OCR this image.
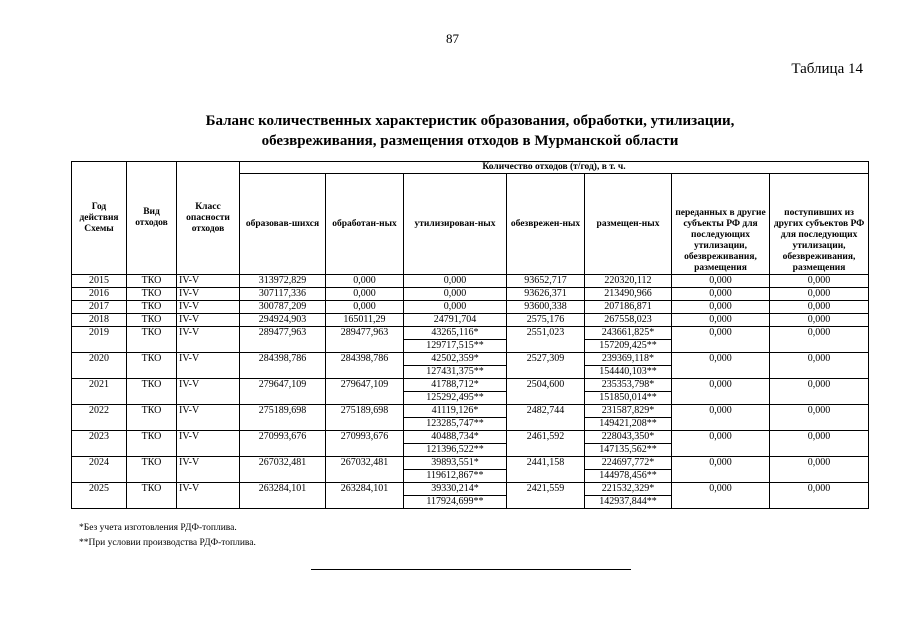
87
Таблица 14
Баланс количественных характеристик образования, обработки, утилизации,
обезвреживания, размещения отходов в Мурманской области
Год действия Схемы	Вид отходов	Класс опасности отходов	Количество отходов (т/год), в т. ч.						
			образовав-шихся	обработан-ных	утилизирован-ных	обезврежен-ных	размещен-ных	переданных в другие субъекты РФ для последующих утилизации, обезвреживания, размещения	поступивших из других субъектов РФ для последующих утилизации, обезвреживания, размещения
2015	ТКО	IV-V	313972,829	0,000	0,000	93652,717	220320,112	0,000	0,000
2016	ТКО	IV-V	307117,336	0,000	0,000	93626,371	213490,966	0,000	0,000
2017	ТКО	IV-V	300787,209	0,000	0,000	93600,338	207186,871	0,000	0,000
2018	ТКО	IV-V	294924,903	165011,29	24791,704	2575,176	267558,023	0,000	0,000
2019	ТКО	IV-V	289477,963	289477,963	43265,116*	2551,023	243661,825*	0,000	0,000
					129717,515**		157209,425**		
2020	ТКО	IV-V	284398,786	284398,786	42502,359*	2527,309	239369,118*	0,000	0,000
					127431,375**		154440,103**		
2021	ТКО	IV-V	279647,109	279647,109	41788,712*	2504,600	235353,798*	0,000	0,000
					125292,495**		151850,014**		
2022	ТКО	IV-V	275189,698	275189,698	41119,126*	2482,744	231587,829*	0,000	0,000
					123285,747**		149421,208**		
2023	ТКО	IV-V	270993,676	270993,676	40488,734*	2461,592	228043,350*	0,000	0,000
					121396,522**		147135,562**		
2024	ТКО	IV-V	267032,481	267032,481	39893,551*	2441,158	224697,772*	0,000	0,000
					119612,867**		144978,456**		
2025	ТКО	IV-V	263284,101	263284,101	39330,214*	2421,559	221532,329*	0,000	0,000
					117924,699**		142937,844**		
*Без учета изготовления РДФ-топлива.
**При условии производства РДФ-топлива.
